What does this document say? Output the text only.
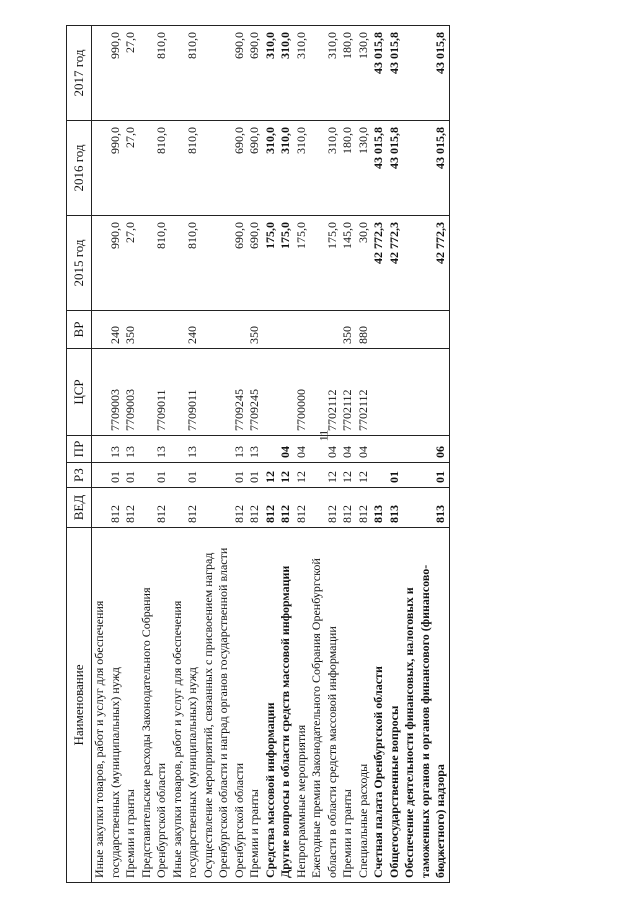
11
Наименование	ВЕД	РЗ	ПР	ЦСР	ВР	2015 год	2016 год	2017 год
Иные закупки товаров, работ и услуг для обеспечения государственных (муниципальных) нужд	812	01	13	7709003	240	990,0	990,0	990,0
Премии и гранты	812	01	13	7709003	350	27,0	27,0	27,0
Представительские расходы Законодательного Собрания Оренбургской области	812	01	13	7709011		810,0	810,0	810,0
Иные закупки товаров, работ и услуг для обеспечения государственных (муниципальных) нужд	812	01	13	7709011	240	810,0	810,0	810,0
Осуществление мероприятий, связанных с присвоением наград Оренбургской области и наград органов государственной власти Оренбургской области	812	01	13	7709245		690,0	690,0	690,0
Премии и гранты	812	01	13	7709245	350	690,0	690,0	690,0
Средства массовой информации	812	12				175,0	310,0	310,0
Другие вопросы в области средств массовой информации	812	12	04			175,0	310,0	310,0
Непрограммные мероприятия	812	12	04	7700000		175,0	310,0	310,0
Ежегодные премии Законодательного Собрания Оренбургской области в области средств массовой информации	812	12	04	7702112		175,0	310,0	310,0
Премии и гранты	812	12	04	7702112	350	145,0	180,0	180,0
Специальные расходы	812	12	04	7702112	880	30,0	130,0	130,0
Счетная палата Оренбургской области	813					42 772,3	43 015,8	43 015,8
Общегосударственные вопросы	813	01				42 772,3	43 015,8	43 015,8
Обеспечение деятельности финансовых, налоговых и таможенных органов и органов финансового (финансово-бюджетного) надзора	813	01	06			42 772,3	43 015,8	43 015,8
